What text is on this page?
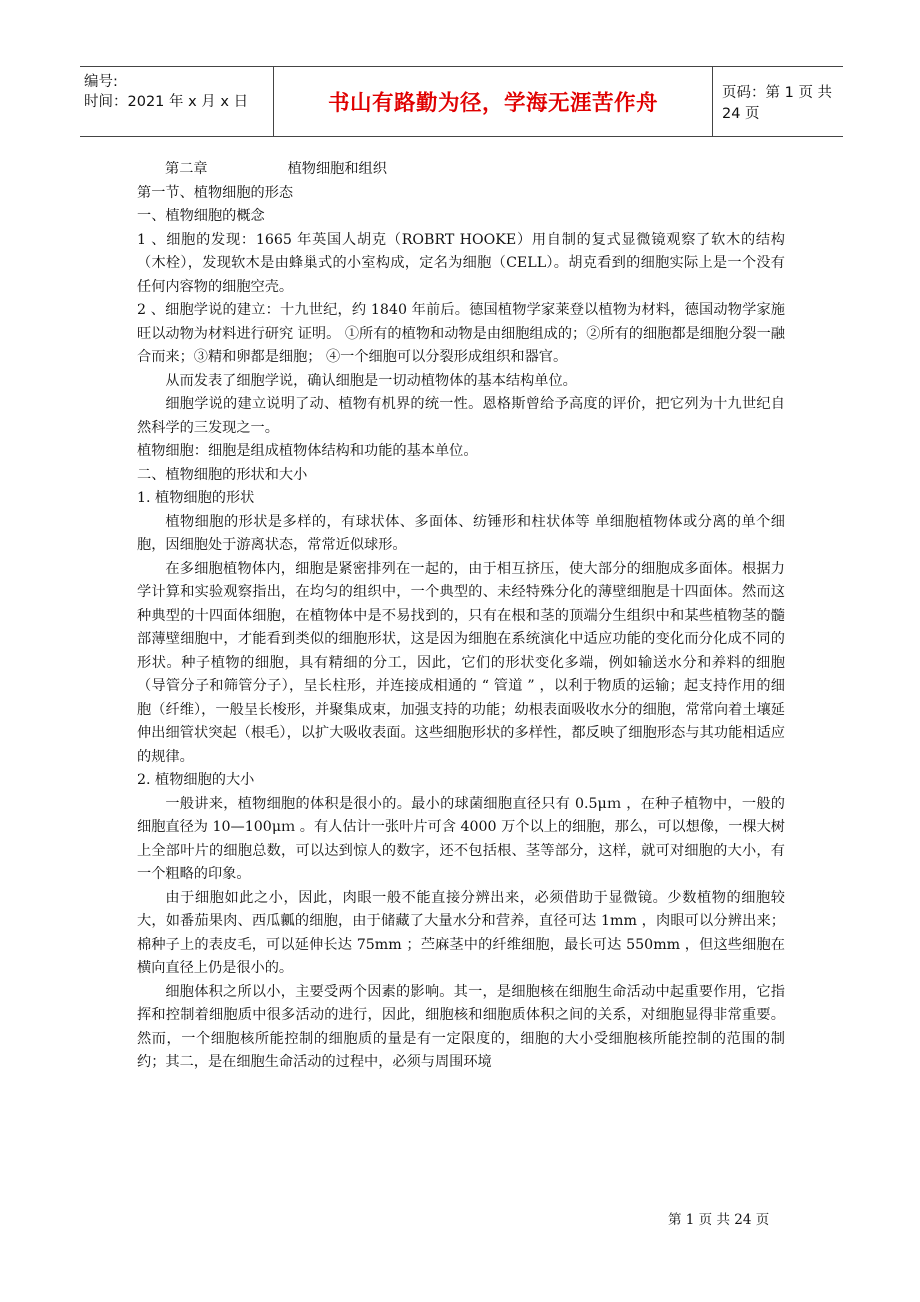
编号:
时间：2021 年 x 月 x 日	书山有路勤为径，学海无涯苦作舟	页码：第 1 页 共 24 页

第二章	植物细胞和组织

第一节、植物细胞的形态

一、植物细胞的概念

1 、细胞的发现：1665 年英国人胡克（ROBRT HOOKE）用自制的复式显微镜观察了软木的结构（木栓），发现软木是由蜂巢式的小室构成，定名为细胞（CELL）。胡克看到的细胞实际上是一个没有任何内容物的细胞空壳。

2 、细胞学说的建立：十九世纪，约 1840 年前后。德国植物学家莱登以植物为材料，德国动物学家施 旺以动物为材料进行研究 证明。 ①所有的植物和动物是由细胞组成的；②所有的细胞都是细胞分裂一融合而来；③精和卵都是细胞； ④一个细胞可以分裂形成组织和器官。

从而发表了细胞学说，确认细胞是一切动植物体的基本结构单位。

细胞学说的建立说明了动、植物有机界的统一性。恩格斯曾给予高度的评价，把它列为十九世纪自然科学的三发现之一。

植物细胞：细胞是组成植物体结构和功能的基本单位。

二、植物细胞的形状和大小

1. 植物细胞的形状

植物细胞的形状是多样的，有球状体、多面体、纺锤形和柱状体等 单细胞植物体或分离的单个细胞，因细胞处于游离状态，常常近似球形。

在多细胞植物体内，细胞是紧密排列在一起的，由于相互挤压，使大部分的细胞成多面体。根据力学计算和实验观察指出，在均匀的组织中，一个典型的、未经特殊分化的薄壁细胞是十四面体。然而这种典型的十四面体细胞，在植物体中是不易找到的，只有在根和茎的顶端分生组织中和某些植物茎的髓部薄壁细胞中，才能看到类似的细胞形状，这是因为细胞在系统演化中适应功能的变化而分化成不同的形状。种子植物的细胞，具有精细的分工，因此，它们的形状变化多端，例如输送水分和养料的细胞（导管分子和筛管分子），呈长柱形，并连接成相通的 “ 管道 ” ，以利于物质的运输；起支持作用的细胞（纤维），一般呈长梭形，并聚集成束，加强支持的功能；幼根表面吸收水分的细胞，常常向着土壤延伸出细管状突起（根毛），以扩大吸收表面。这些细胞形状的多样性，都反映了细胞形态与其功能相适应的规律。

2. 植物细胞的大小

一般讲来，植物细胞的体积是很小的。最小的球菌细胞直径只有 0.5μｍ ，在种子植物中，一般的细胞直径为 10—100μｍ 。有人估计一张叶片可含 4000 万个以上的细胞，那么，可以想像，一棵大树上全部叶片的细胞总数，可以达到惊人的数字，还不包括根、茎等部分，这样，就可对细胞的大小，有一个粗略的印象。

由于细胞如此之小，因此，肉眼一般不能直接分辨出来，必须借助于显微镜。少数植物的细胞较大，如番茄果肉、西瓜瓤的细胞，由于储藏了大量水分和营养，直径可达 1mm ，肉眼可以分辨出来；棉种子上的表皮毛，可以延伸长达 75mm ；苎麻茎中的纤维细胞，最长可达 550mm ，但这些细胞在横向直径上仍是很小的。

细胞体积之所以小，主要受两个因素的影响。其一，是细胞核在细胞生命活动中起重要作用，它指挥和控制着细胞质中很多活动的进行，因此，细胞核和细胞质体积之间的关系，对细胞显得非常重要。然而，一个细胞核所能控制的细胞质的量是有一定限度的，细胞的大小受细胞核所能控制的范围的制约；其二，是在细胞生命活动的过程中，必须与周围环境

第 1 页 共 24 页
